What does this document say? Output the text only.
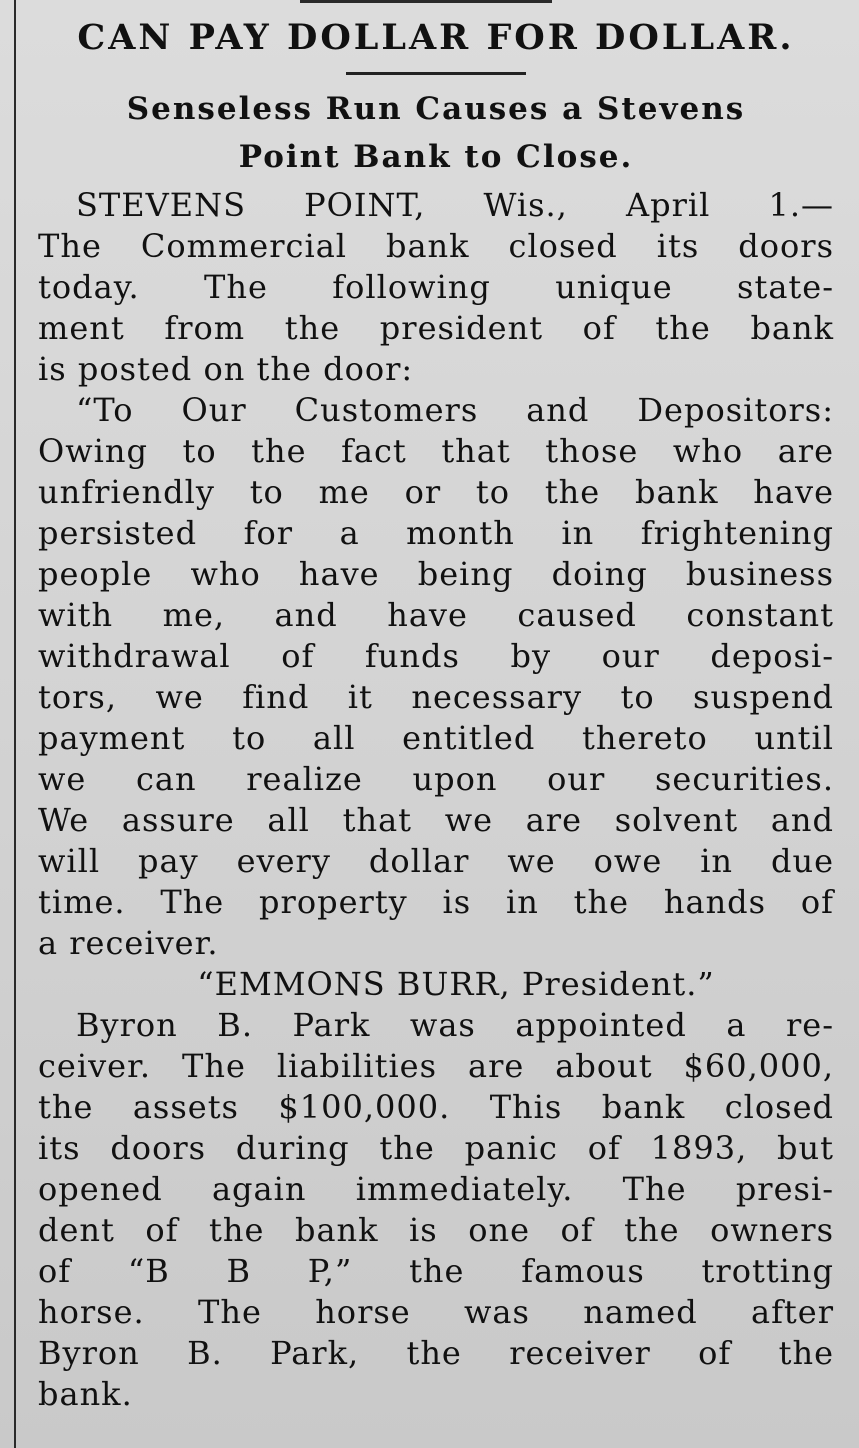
CAN PAY DOLLAR FOR DOLLAR.

Senseless Run Causes a Stevens

Point Bank to Close.

STEVENS POINT, Wis., April 1.—
The Commercial bank closed its doors
today. The following unique state-
ment from the president of the bank
is posted on the door:
“To Our Customers and Depositors:
Owing to the fact that those who are
unfriendly to me or to the bank have
persisted for a month in frightening
people who have being doing business
with me, and have caused constant
withdrawal of funds by our deposi-
tors, we find it necessary to suspend
payment to all entitled thereto until
we can realize upon our securities.
We assure all that we are solvent and
will pay every dollar we owe in due
time. The property is in the hands of
a receiver.
“EMMONS BURR, President.”
Byron B. Park was appointed a re-
ceiver. The liabilities are about $60,000,
the assets $100,000. This bank closed
its doors during the panic of 1893, but
opened again immediately. The presi-
dent of the bank is one of the owners
of “B B P,” the famous trotting
horse. The horse was named after
Byron B. Park, the receiver of the
bank.
